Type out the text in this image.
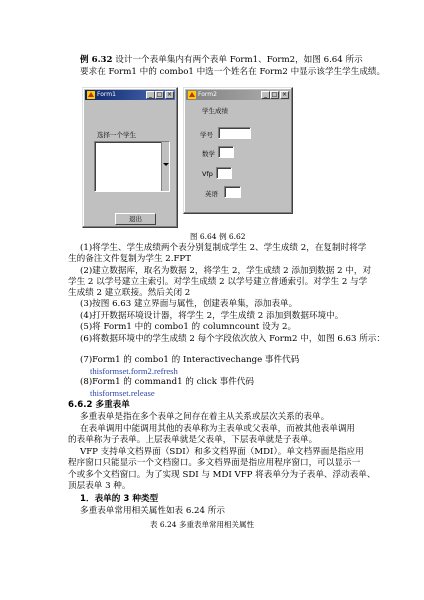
例 6.32 设计一个表单集内有两个表单 Form1、Form2，如图 6.64 所示
要求在 Form1 中的 combo1 中选一个姓名在 Form2 中显示该学生学生成绩。
Form1	_ □ ×
选择一个学生
退出
Form2	_ □ ×
学生成绩
学号
数学
Vfp
英语
图 6.64 例 6.62
(1)将学生、学生成绩两个表分别复制成学生 2、学生成绩 2，在复制时将学
生的备注文件复制为学生 2.FPT
(2)建立数据库，取名为数据 2，将学生 2，学生成绩 2 添加到数据 2 中，对
学生 2 以学号建立主索引。对学生成绩 2 以学号建立普通索引。对学生 2 与学
生成绩 2 建立联接。然后关闭 2
(3)按图 6.63 建立界面与属性，创建表单集，添加表单。
(4)打开数据环境设计器，将学生 2，学生成绩 2 添加到数据环境中。
(5)将 Form1 中的 combo1 的 columncount 设为 2。
(6)将数据环境中的学生成绩 2 每个字段依次放入 Form2 中，如图 6.63 所示：
(7)Form1 的 combo1 的 Interactivechange 事件代码
thisformset.form2.refresh
(8)Form1 的 command1 的 click 事件代码
thisformset.release
6.6.2 多重表单
多重表单是指在多个表单之间存在着主从关系或层次关系的表单。
在表单调用中能调用其他的表单称为主表单或父表单，而被其他表单调用
的表单称为子表单。上层表单就是父表单，下层表单就是子表单。
VFP 支持单文档界面（SDI）和多文档界面（MDI）。单文档界面是指应用
程序窗口只能显示一个文档窗口。多文档界面是指应用程序窗口，可以显示一
个或多个文档窗口。为了实现 SDI 与 MDI VFP 将表单分为子表单、浮动表单、
顶层表单 3 种。
1．表单的 3 种类型
多重表单常用相关属性如表 6.24 所示
表 6.24 多重表单常用相关属性
